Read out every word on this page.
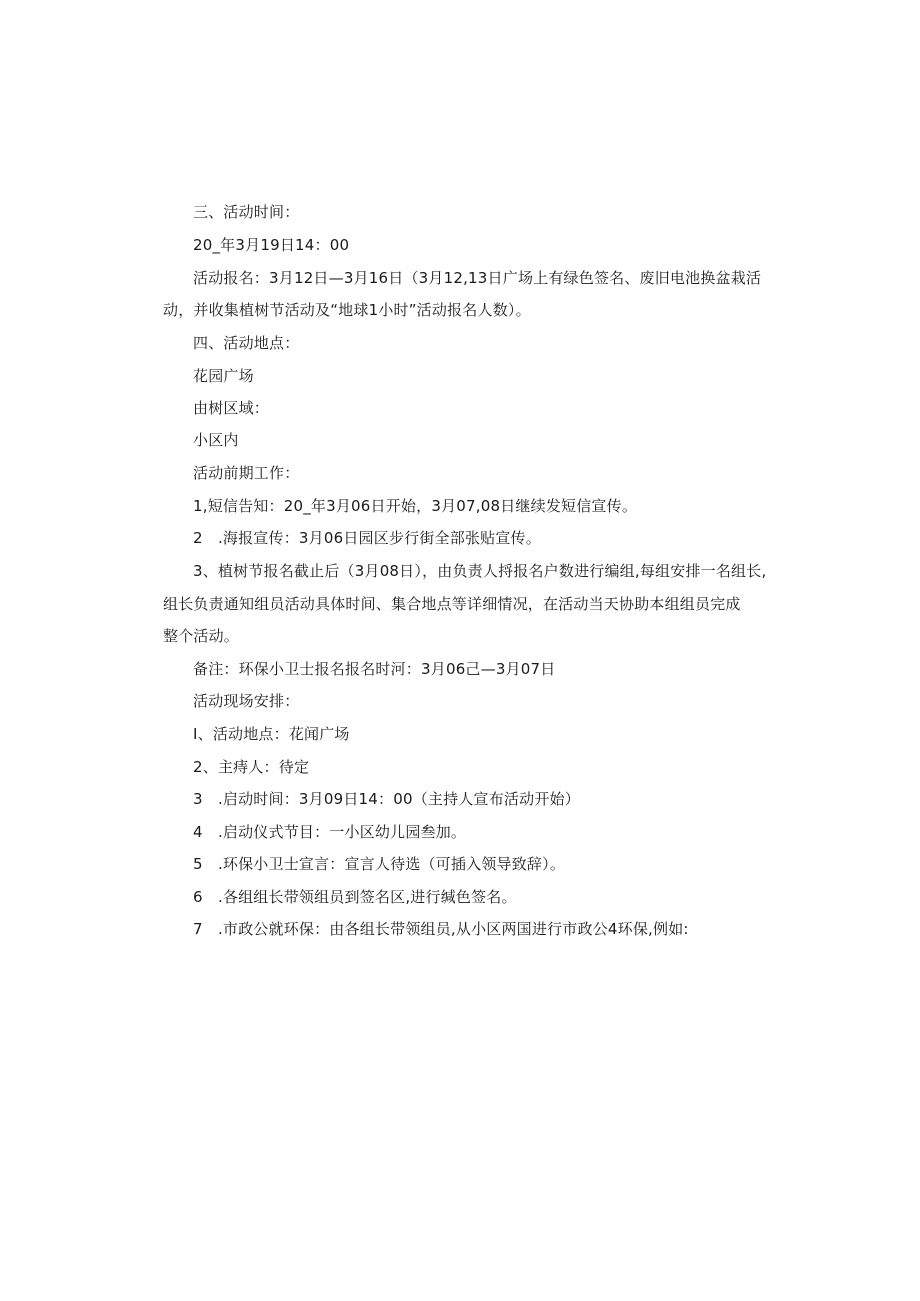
三、活动时间：
20_年3月19日14：00
活动报名：3月12日—3月16日（3月12,13日广场上有绿色签名、废旧电池换盆栽活
动，并收集植树节活动及“地球1小时”活动报名人数）。
四、活动地点：
花园广场
由树区域：
小区内
活动前期工作：
1,短信告知：20_年3月06日开始，3月07,08日继续发短信宣传。
2　.海报宣传：3月06日园区步行街全部张贴宣传。
3、植树节报名截止后（3月08日），由负责人捋报名户数进行编组,每组安排一名组长,
组长负责通知组员活动具体时间、集合地点等详细情况，在活动当天协助本组组员完成
整个活动。
备注：环保小卫士报名报名时河：3月06己—3月07日
活动现场安排：
I、活动地点：花闻广场
2、主痔人：待定
3　.启动时间：3月09日14：00（主持人宣布活动开始）
4　.启动仪式节目：一小区幼儿园叁加。
5　.环保小卫士宣言：宣言人待选（可插入领导致辞）。
6　.各组组长带领组员到签名区,进行缄色签名。
7　.市政公就环保：由各组长带领组员,从小区两国进行市政公4环保,例如:
